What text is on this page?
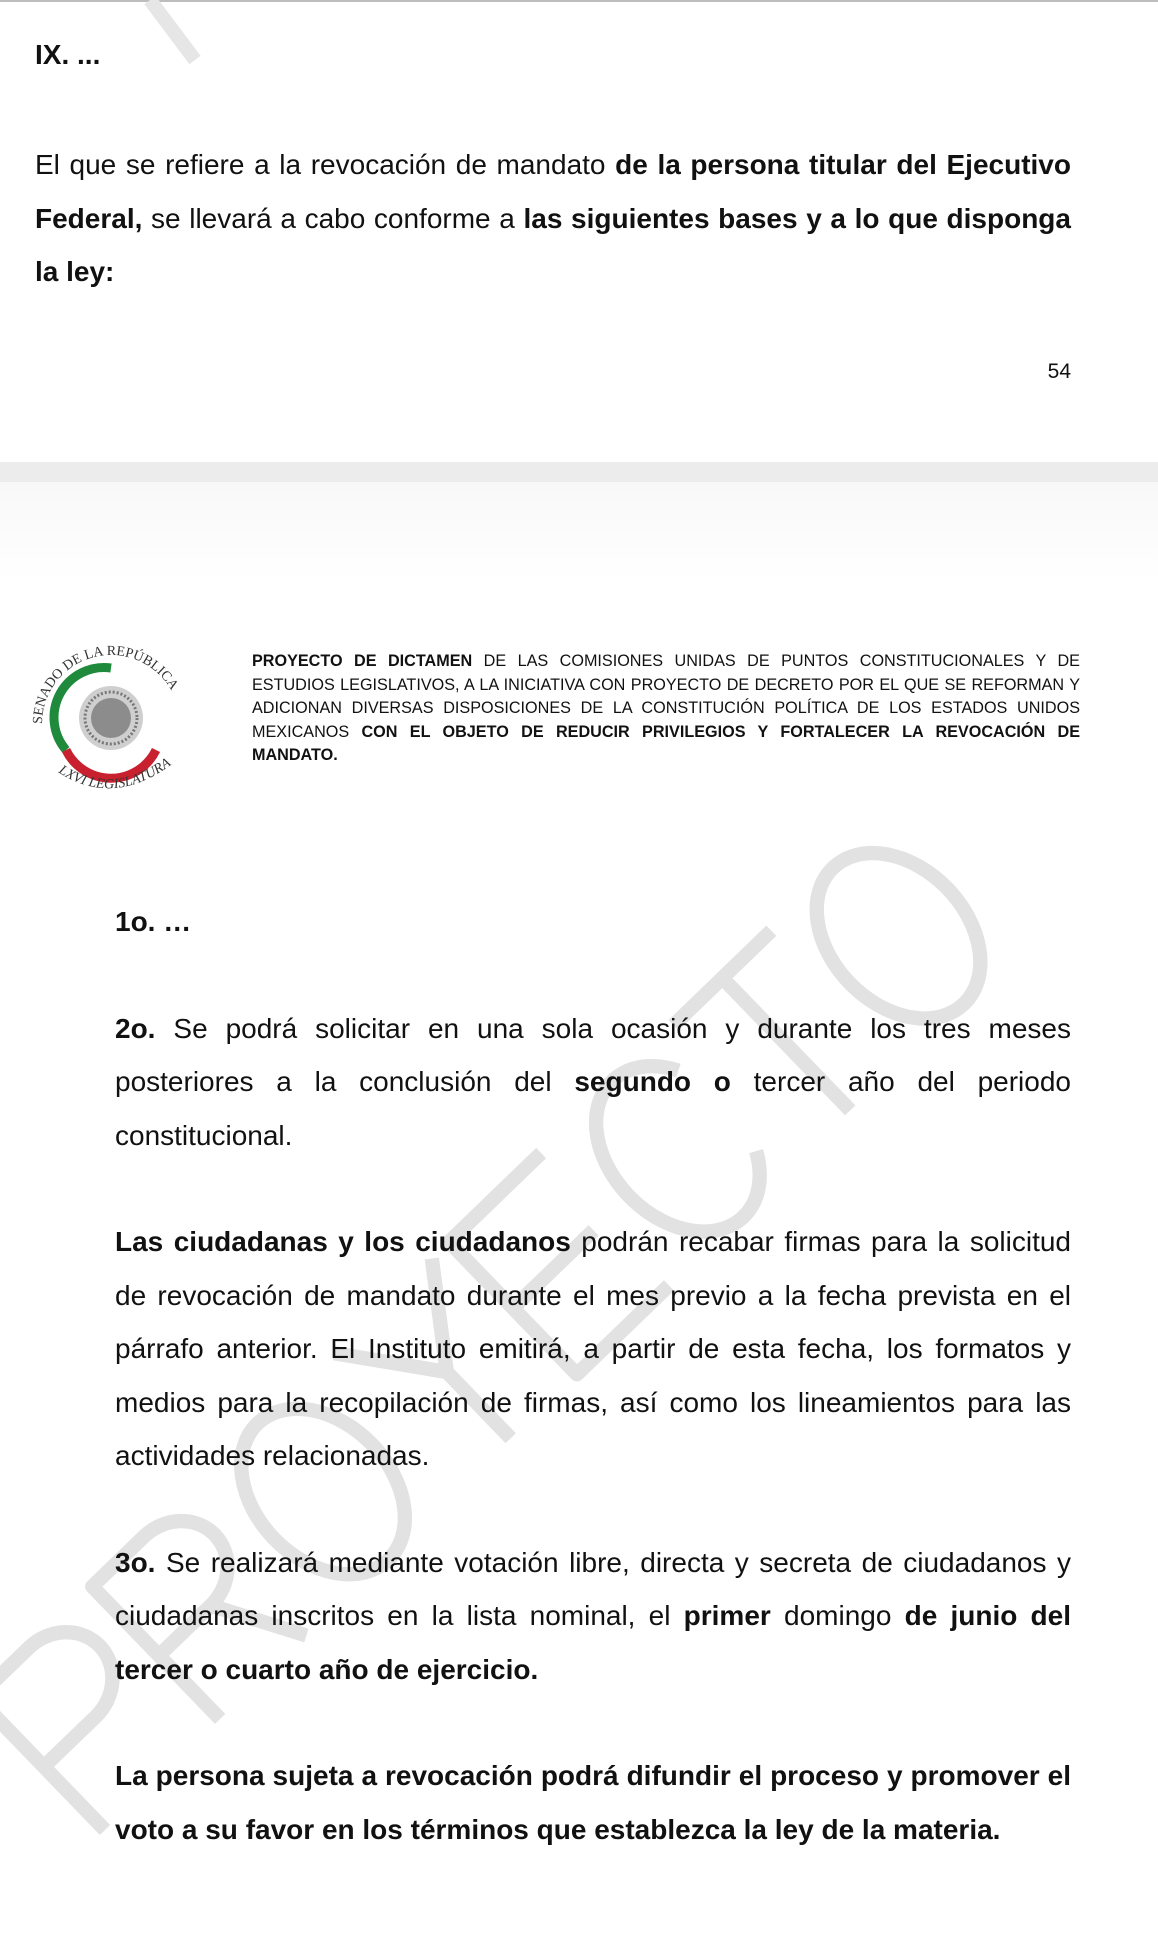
IX. ...
El que se refiere a la revocación de mandato de la persona titular del Ejecutivo Federal, se llevará a cabo conforme a las siguientes bases y a lo que disponga la ley:
54
SENADO DE LA REPÚBLICA
LXVI LEGISLATURA
PROYECTO DE DICTAMEN DE LAS COMISIONES UNIDAS DE PUNTOS CONSTITUCIONALES Y DE ESTUDIOS LEGISLATIVOS, A LA INICIATIVA CON PROYECTO DE DECRETO POR EL QUE SE REFORMAN Y ADICIONAN DIVERSAS DISPOSICIONES DE LA CONSTITUCIÓN POLÍTICA DE LOS ESTADOS UNIDOS MEXICANOS CON EL OBJETO DE REDUCIR PRIVILEGIOS Y FORTALECER LA REVOCACIÓN DE MANDATO.
1o. …
2o. Se podrá solicitar en una sola ocasión y durante los tres meses posteriores a la conclusión del segundo o tercer año del periodo constitucional.
Las ciudadanas y los ciudadanos podrán recabar firmas para la solicitud de revocación de mandato durante el mes previo a la fecha prevista en el párrafo anterior. El Instituto emitirá, a partir de esta fecha, los formatos y medios para la recopilación de firmas, así como los lineamientos para las actividades relacionadas.
3o. Se realizará mediante votación libre, directa y secreta de ciudadanos y ciudadanas inscritos en la lista nominal, el primer domingo de junio del tercer o cuarto año de ejercicio.
La persona sujeta a revocación podrá difundir el proceso y promover el voto a su favor en los términos que establezca la ley de la materia.
